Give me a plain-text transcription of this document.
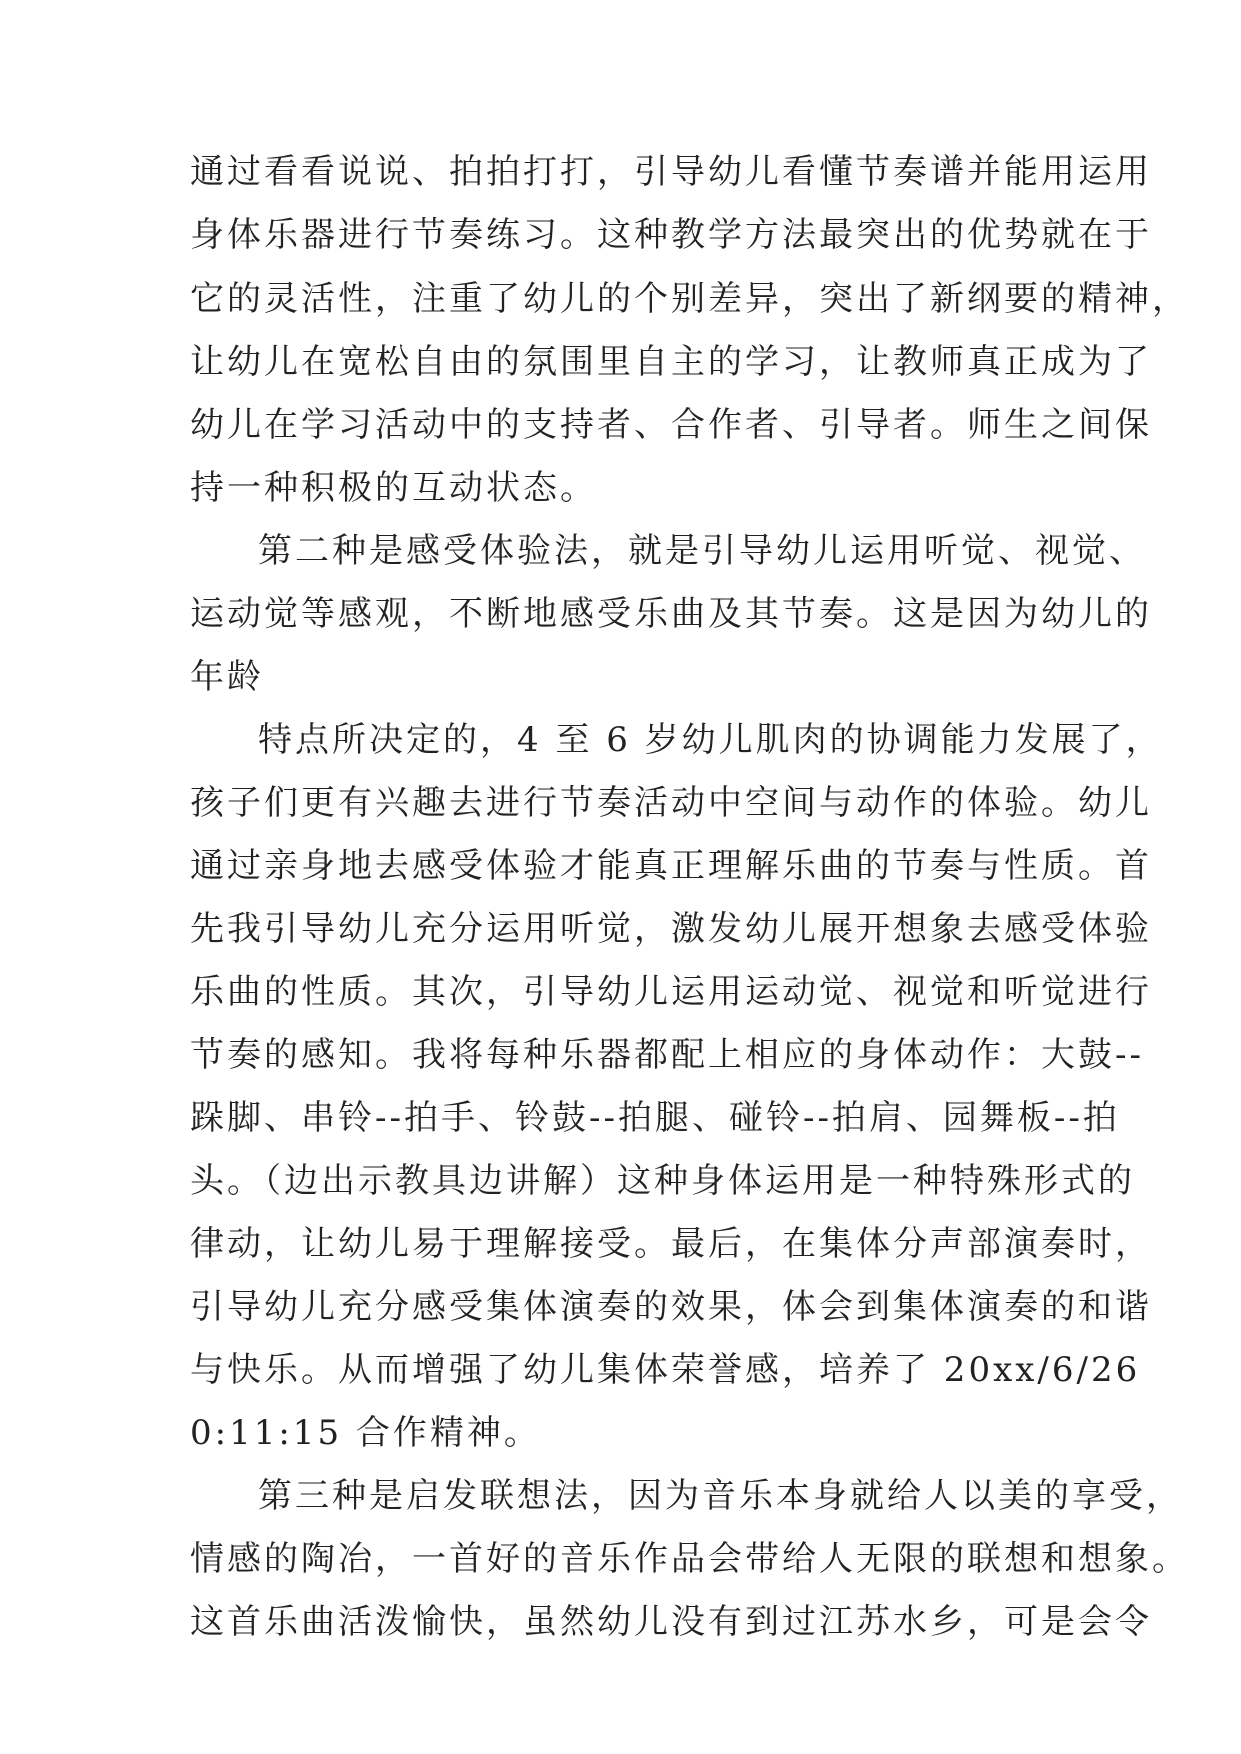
通过看看说说、拍拍打打，引导幼儿看懂节奏谱并能用运用
身体乐器进行节奏练习。这种教学方法最突出的优势就在于
它的灵活性，注重了幼儿的个别差异，突出了新纲要的精神，
让幼儿在宽松自由的氛围里自主的学习，让教师真正成为了
幼儿在学习活动中的支持者、合作者、引导者。师生之间保
持一种积极的互动状态。
第二种是感受体验法，就是引导幼儿运用听觉、视觉、
运动觉等感观，不断地感受乐曲及其节奏。这是因为幼儿的
年龄
特点所决定的，4 至 6 岁幼儿肌肉的协调能力发展了，
孩子们更有兴趣去进行节奏活动中空间与动作的体验。幼儿
通过亲身地去感受体验才能真正理解乐曲的节奏与性质。首
先我引导幼儿充分运用听觉，激发幼儿展开想象去感受体验
乐曲的性质。其次，引导幼儿运用运动觉、视觉和听觉进行
节奏的感知。我将每种乐器都配上相应的身体动作：大鼓--
跺脚、串铃--拍手、铃鼓--拍腿、碰铃--拍肩、园舞板--拍
头。（边出示教具边讲解）这种身体运用是一种特殊形式的
律动，让幼儿易于理解接受。最后，在集体分声部演奏时，
引导幼儿充分感受集体演奏的效果，体会到集体演奏的和谐
与快乐。从而增强了幼儿集体荣誉感，培养了 20xx/6/26
0:11:15 合作精神。
第三种是启发联想法，因为音乐本身就给人以美的享受，
情感的陶冶，一首好的音乐作品会带给人无限的联想和想象。
这首乐曲活泼愉快，虽然幼儿没有到过江苏水乡，可是会令
